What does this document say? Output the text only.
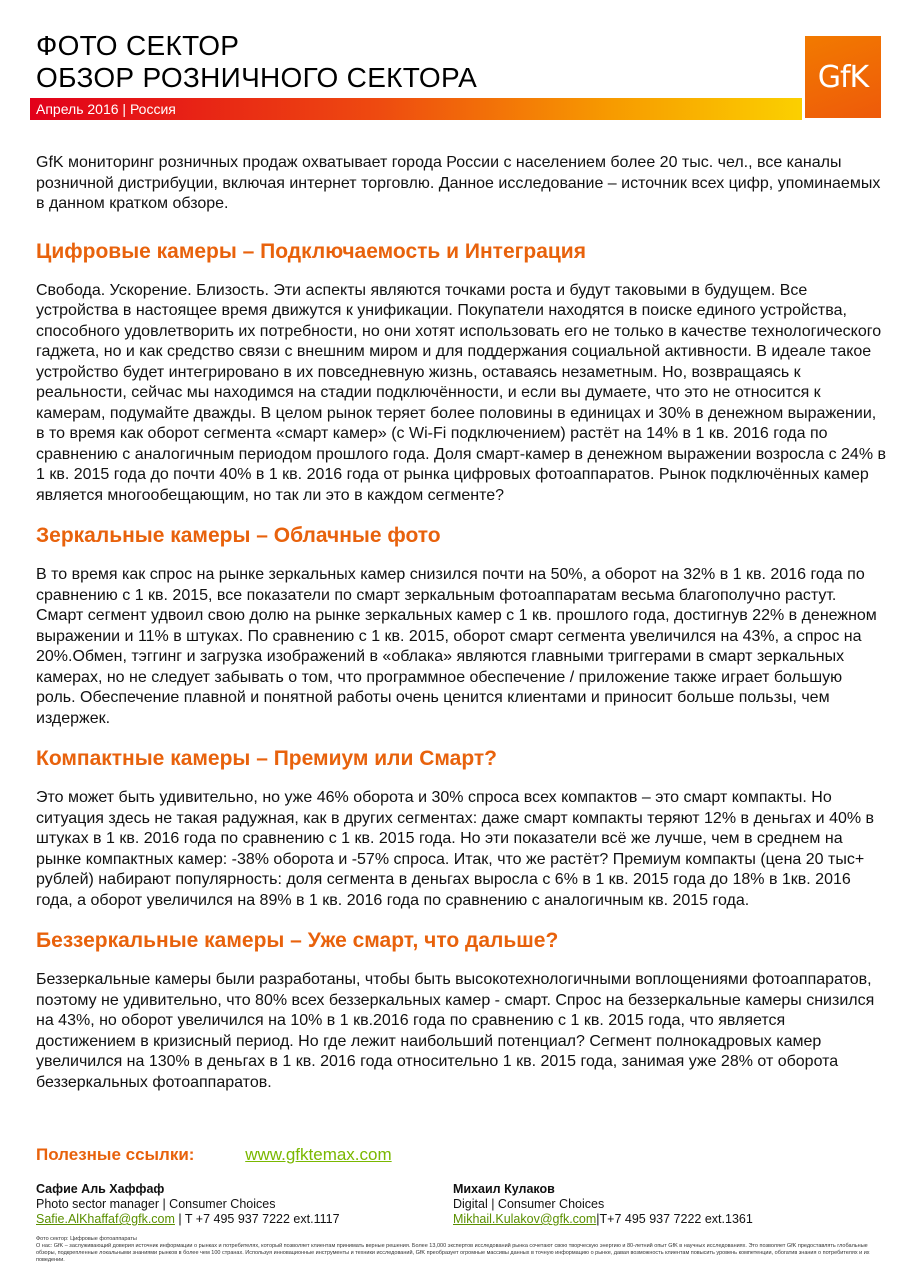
ФОТО СЕКТОР
ОБЗОР РОЗНИЧНОГО СЕКТОРА
Апрель 2016 | Россия
GfK

GfK мониторинг розничных продаж охватывает города России с населением более 20 тыс. чел., все каналы розничной дистрибуции, включая интернет торговлю. Данное исследование – источник всех цифр, упоминаемых в данном кратком обзоре.

Цифровые камеры – Подключаемость и Интеграция

Свобода. Ускорение. Близость. Эти аспекты являются точками роста и будут таковыми в будущем. Все устройства в настоящее время движутся к унификации. Покупатели находятся в поиске единого устройства, способного удовлетворить их потребности, но они хотят использовать его не только в качестве технологического гаджета, но и как средство связи с внешним миром и для поддержания социальной активности. В идеале такое устройство будет интегрировано в их повседневную жизнь, оставаясь незаметным. Но, возвращаясь к реальности, сейчас мы находимся на стадии подключённости, и если вы думаете, что это не относится к камерам, подумайте дважды. В целом рынок теряет более половины в единицах и 30% в денежном выражении, в то время как оборот сегмента «смарт камер» (с Wi-Fi подключением) растёт на 14% в 1 кв. 2016 года по сравнению с аналогичным периодом прошлого года. Доля смарт-камер в денежном выражении возросла с 24% в 1 кв. 2015 года до почти 40% в 1 кв. 2016 года от рынка цифровых фотоаппаратов. Рынок подключённых камер является многообещающим, но так ли это в каждом сегменте?

Зеркальные камеры – Облачные фото

В то время как спрос на рынке зеркальных камер снизился почти на 50%, а оборот на 32% в 1 кв. 2016 года по сравнению с 1 кв. 2015, все показатели по смарт зеркальным фотоаппаратам весьма благополучно растут. Смарт сегмент удвоил свою долю на рынке зеркальных камер с 1 кв. прошлого года, достигнув 22% в денежном выражении и 11% в штуках. По сравнению с 1 кв. 2015, оборот смарт сегмента увеличился на 43%, а спрос на 20%.Обмен, тэггинг и загрузка изображений в «облака» являются главными триггерами в смарт зеркальных камерах, но не следует забывать о том, что программное обеспечение / приложение также играет большую роль. Обеспечение плавной и понятной работы очень ценится клиентами и приносит больше пользы, чем издержек.

Компактные камеры – Премиум или Смарт?

Это может быть удивительно, но уже 46% оборота и 30% спроса всех компактов – это смарт компакты. Но ситуация здесь не такая радужная, как в других сегментах: даже смарт компакты теряют 12% в деньгах и 40% в штуках в 1 кв. 2016 года по сравнению с 1 кв. 2015 года. Но эти показатели всё же лучше, чем в среднем на рынке компактных камер: -38% оборота и -57% спроса. Итак, что же растёт? Премиум компакты (цена 20 тыс+ рублей) набирают популярность: доля сегмента в деньгах выросла с 6% в 1 кв. 2015 года до 18% в 1кв. 2016 года, а оборот увеличился на 89% в 1 кв. 2016 года по сравнению с аналогичным кв. 2015 года.

Беззеркальные камеры – Уже смарт, что дальше?

Беззеркальные камеры были разработаны, чтобы быть высокотехнологичными воплощениями фотоаппаратов, поэтому не удивительно, что 80% всех беззеркальных камер - смарт. Спрос на беззеркальные камеры снизился на 43%, но оборот увеличился на 10% в 1 кв.2016 года по сравнению с 1 кв. 2015 года, что является достижением в кризисный период. Но где лежит наибольший потенциал? Сегмент полнокадровых камер увеличился на 130% в деньгах в 1 кв. 2016 года относительно 1 кв. 2015 года, занимая уже 28% от оборота беззеркальных фотоаппаратов.

Полезные ссылки:	www.gfktemax.com
Сафие Аль Хаффаф
Photo sector manager | Consumer Choices
Safie.AlKhaffaf@gfk.com | T +7 495 937 7222 ext.1117
Михаил Кулаков
Digital | Consumer Choices
Mikhail.Kulakov@gfk.com|T+7 495 937 7222 ext.1361
Фото сектор: Цифровые фотоаппараты
О нас: GfK – заслуживающий доверия источник информации о рынках и потребителях, который позволяет клиентам принимать верные решения. Более 13,000 экспертов исследований рынка сочетают свою творческую энергию и 80-летний опыт GfK в научных исследованиях. Это позволяет GfK предоставлять глобальные обзоры, подкрепленные локальными знаниями рынков в более чем 100 странах. Используя инновационные инструменты и техники исследований, GfK преобразует огромные массивы данных в точную информацию о рынке, давая возможность клиентам повысить уровень компетенции, обогатив знания о потребителях и их поведении.
